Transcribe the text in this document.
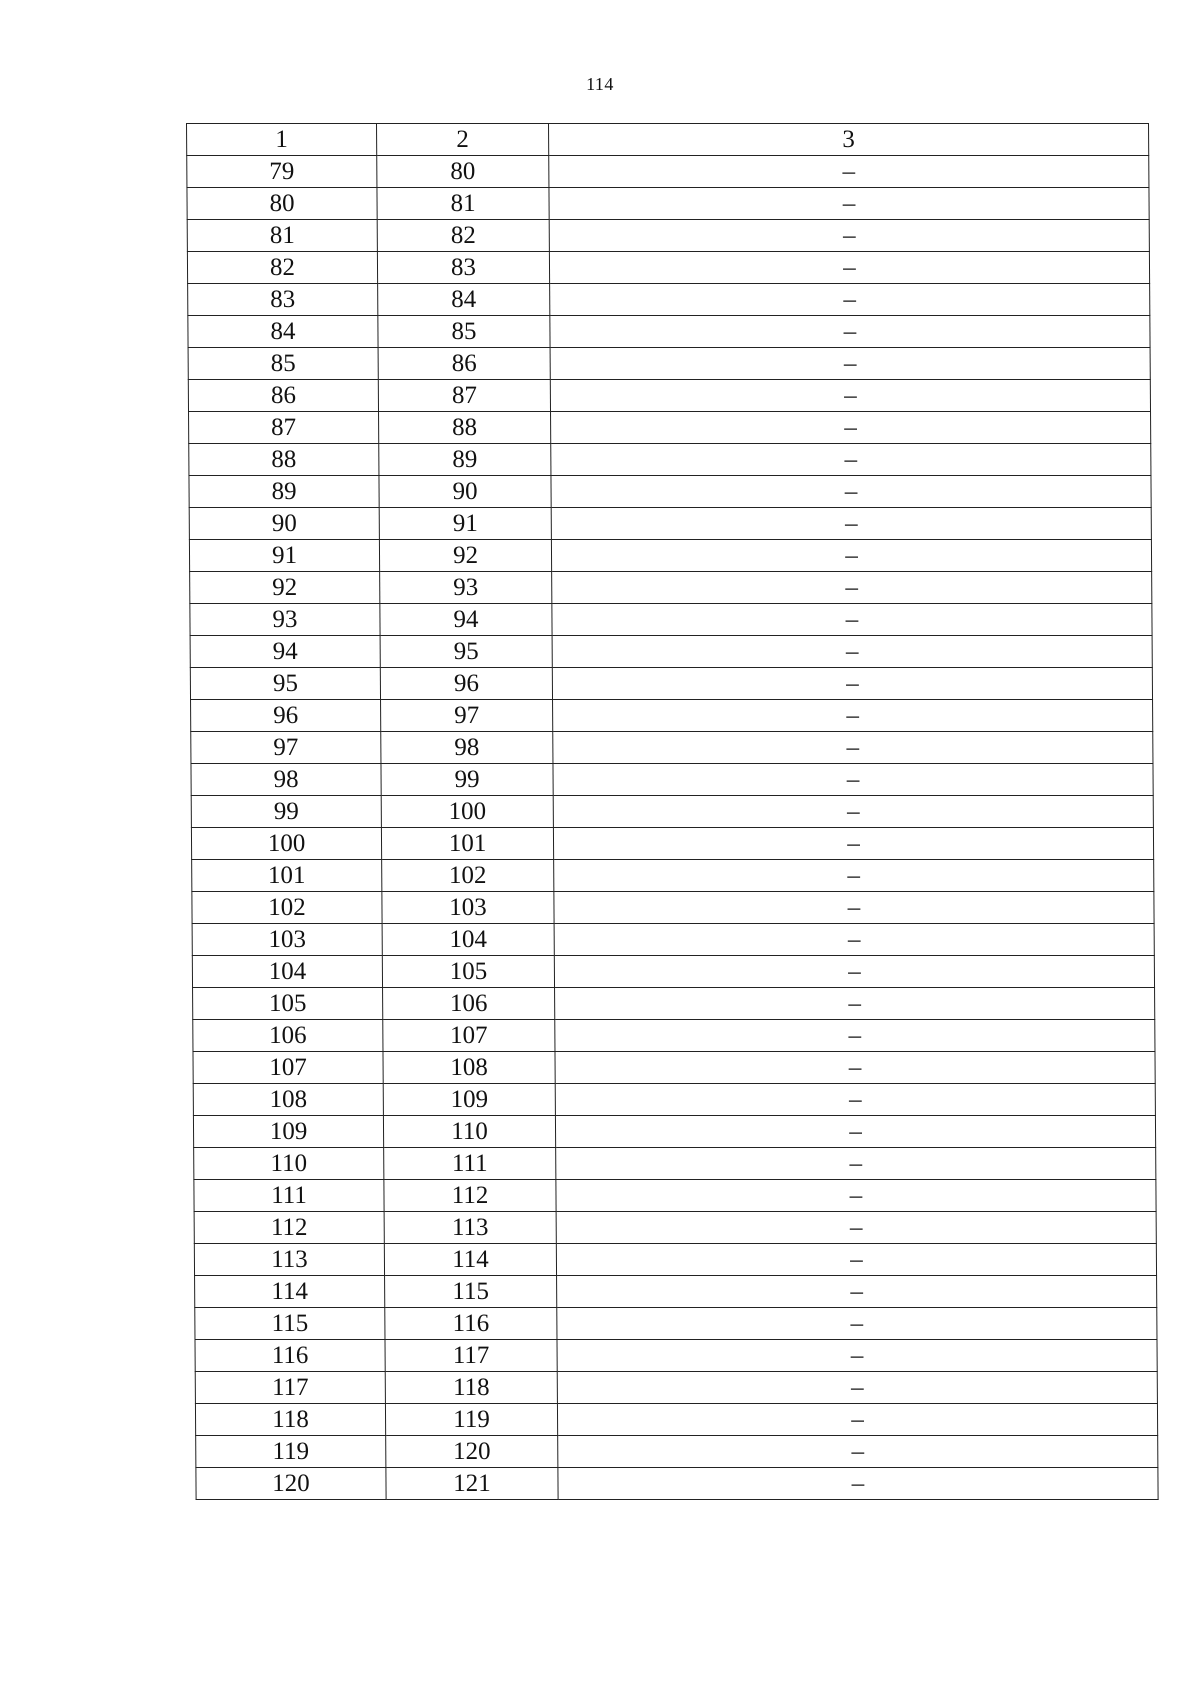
114
1	2	3
79	80	–
80	81	–
81	82	–
82	83	–
83	84	–
84	85	–
85	86	–
86	87	–
87	88	–
88	89	–
89	90	–
90	91	–
91	92	–
92	93	–
93	94	–
94	95	–
95	96	–
96	97	–
97	98	–
98	99	–
99	100	–
100	101	–
101	102	–
102	103	–
103	104	–
104	105	–
105	106	–
106	107	–
107	108	–
108	109	–
109	110	–
110	111	–
111	112	–
112	113	–
113	114	–
114	115	–
115	116	–
116	117	–
117	118	–
118	119	–
119	120	–
120	121	–
